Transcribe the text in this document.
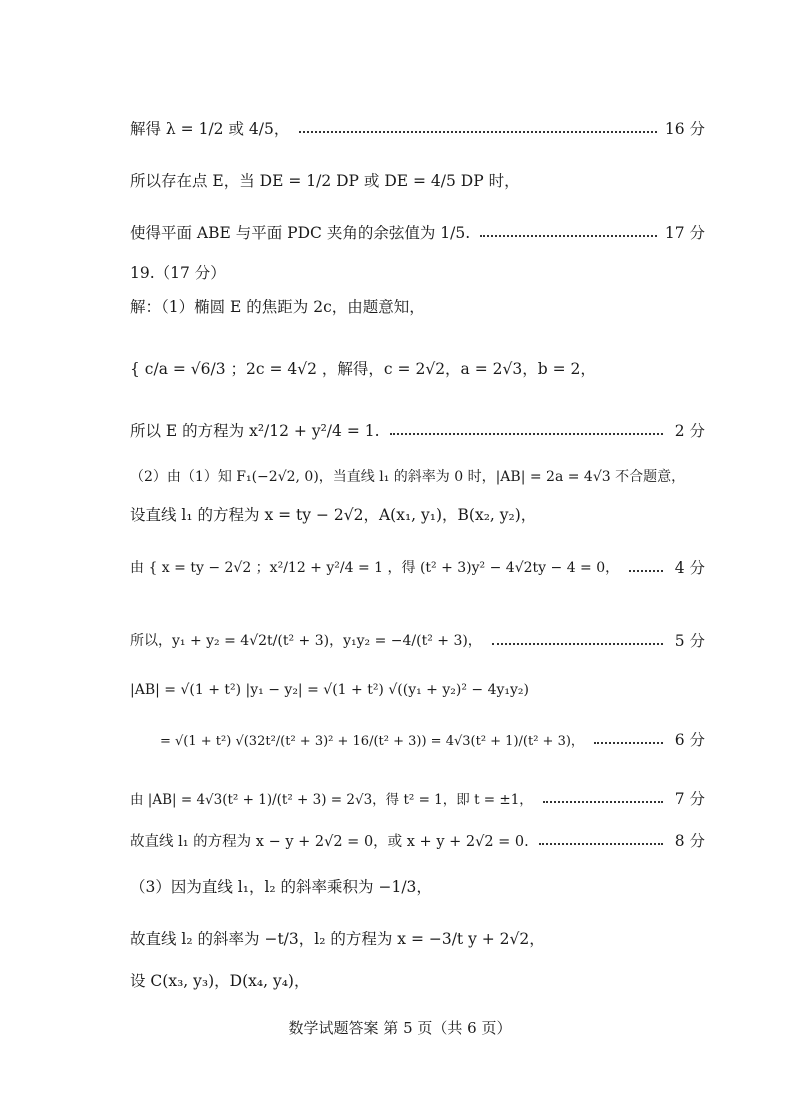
解得 λ = 1/2 或 4/5，	16 分
所以存在点 E，当 DE = 1/2 DP 或 DE = 4/5 DP 时，
使得平面 ABE 与平面 PDC 夹角的余弦值为 1/5.	17 分
19.（17 分）
解：（1）椭圆 E 的焦距为 2c，由题意知，
{ c/a = √6/3 ；2c = 4√2 ，解得，c = 2√2，a = 2√3，b = 2，
所以 E 的方程为 x²/12 + y²/4 = 1.	2 分
（2）由（1）知 F₁(−2√2, 0)，当直线 l₁ 的斜率为 0 时，|AB| = 2a = 4√3 不合题意，
设直线 l₁ 的方程为 x = ty − 2√2，A(x₁, y₁)，B(x₂, y₂)，
由 { x = ty − 2√2 ；x²/12 + y²/4 = 1 ，得 (t² + 3)y² − 4√2ty − 4 = 0，	4 分
所以，y₁ + y₂ = 4√2t/(t² + 3)，y₁y₂ = −4/(t² + 3)，	5 分
|AB| = √(1 + t²) |y₁ − y₂| = √(1 + t²) √((y₁ + y₂)² − 4y₁y₂)
= √(1 + t²) √(32t²/(t² + 3)² + 16/(t² + 3)) = 4√3(t² + 1)/(t² + 3)，	6 分
由 |AB| = 4√3(t² + 1)/(t² + 3) = 2√3，得 t² = 1，即 t = ±1，	7 分
故直线 l₁ 的方程为 x − y + 2√2 = 0，或 x + y + 2√2 = 0.	8 分
（3）因为直线 l₁，l₂ 的斜率乘积为 −1/3，
故直线 l₂ 的斜率为 −t/3，l₂ 的方程为 x = −3/t y + 2√2，
设 C(x₃, y₃)，D(x₄, y₄)，
数学试题答案 第 5 页（共 6 页）
